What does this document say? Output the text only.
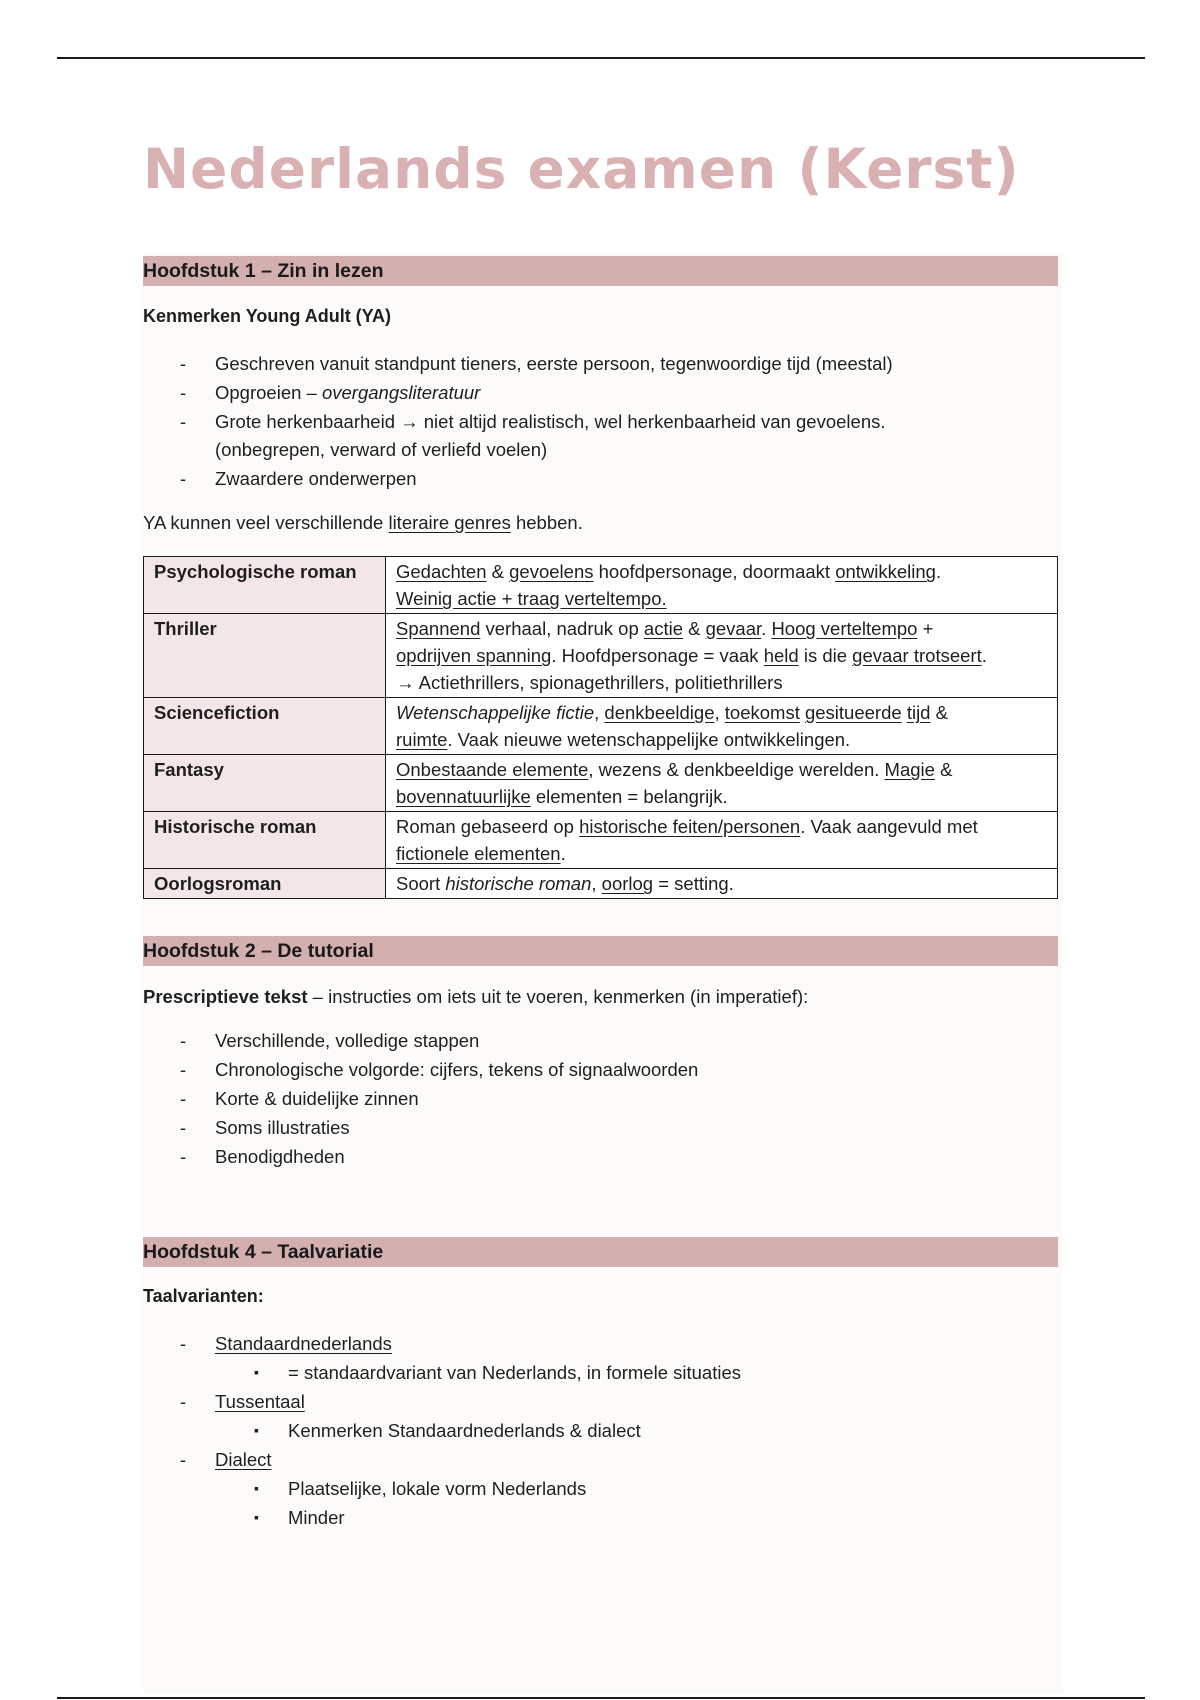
Nederlands examen (Kerst)
Hoofdstuk 1 – Zin in lezen
Kenmerken Young Adult (YA)
- Geschreven vanuit standpunt tieners, eerste persoon, tegenwoordige tijd (meestal)
- Opgroeien – overgangsliteratuur
- Grote herkenbaarheid → niet altijd realistisch, wel herkenbaarheid van gevoelens.
(onbegrepen, verward of verliefd voelen)
- Zwaardere onderwerpen
YA kunnen veel verschillende literaire genres hebben.
Psychologische roman	Gedachten & gevoelens hoofdpersonage, doormaakt ontwikkeling.
Weinig actie + traag verteltempo.

Thriller	Spannend verhaal, nadruk op actie & gevaar. Hoog verteltempo +
opdrijven spanning. Hoofdpersonage = vaak held is die gevaar trotseert.
→ Actiethrillers, spionagethrillers, politiethrillers

Sciencefiction	Wetenschappelijke fictie, denkbeeldige, toekomst gesitueerde tijd &
ruimte. Vaak nieuwe wetenschappelijke ontwikkelingen.

Fantasy	Onbestaande elemente, wezens & denkbeeldige werelden. Magie &
bovennatuurlijke elementen = belangrijk.

Historische roman	Roman gebaseerd op historische feiten/personen. Vaak aangevuld met
fictionele elementen.

Oorlogsroman	Soort historische roman, oorlog = setting.
Hoofdstuk 2 – De tutorial
Prescriptieve tekst – instructies om iets uit te voeren, kenmerken (in imperatief):
- Verschillende, volledige stappen
- Chronologische volgorde: cijfers, tekens of signaalwoorden
- Korte & duidelijke zinnen
- Soms illustraties
- Benodigdheden
Hoofdstuk 4 – Taalvariatie
Taalvarianten:
- Standaardnederlands
▪ = standaardvariant van Nederlands, in formele situaties
- Tussentaal
▪ Kenmerken Standaardnederlands & dialect
- Dialect
▪ Plaatselijke, lokale vorm Nederlands
▪ Minder
